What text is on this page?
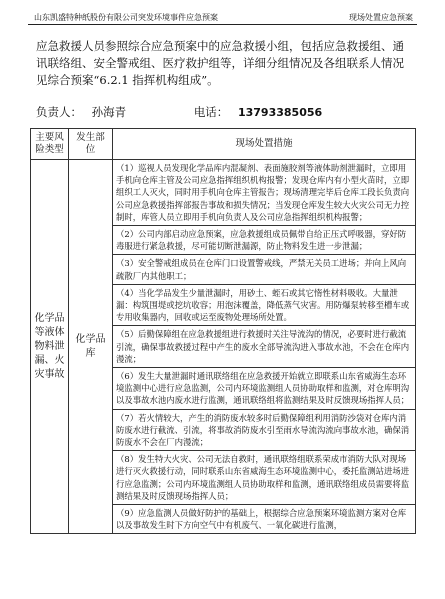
山东凯盛特种纸股份有限公司突发环境事件应急预案	现场处置应急预案
应急救援人员参照综合应急预案中的应急救援小组，包括应急救援组、通讯联络组、安全警戒组、医疗救护组等，详细分组情况及各组联系人情况见综合预案“6.2.1 指挥机构组成”。
负责人： 孙海青	电话： 13793385056
主要风险类型	发生部位	现场处置措施
化学品等液体物料泄漏、火灾事故	化学品库	（1）巡视人员发现化学品库内混凝剂、表面施胶剂等液体助剂泄漏时，立即用手机向仓库主管及公司应急指挥组织机构报警；发现仓库内有小型火苗时，立即组织工人灭火，同时用手机向仓库主管报告；现场清理完毕后仓库工段长负责向公司应急救援指挥部报告事故和损失情况；当发现仓库发生较大火灾公司无力控制时，库管人员立即用手机向负责人及公司应急指挥组织机构报警；
		（2）公司内部启动应急预案，应急救援组成员佩带自给正压式呼吸器，穿好防毒服进行紧急救援，尽可能切断泄漏源，防止物料发生进一步泄漏；
		（3）安全警戒组成员在仓库门口设置警戒线，严禁无关员工进场；并向上风向疏散厂内其他职工；
		（4）当化学品发生少量泄漏时，用砂土、蛭石或其它惰性材料吸收。大量泄漏：构筑围堤或挖坑收容；用泡沫覆盖，降低蒸气灾害。用防爆泵转移至槽车或专用收集器内，回收或运至废物处理场所处置。
		（5）后勤保障组在应急救援组进行救援时关注导流沟的情况，必要时进行截流引流，确保事故救援过程中产生的废水全部导流沟进入事故水池，不会在仓库内漫流；
		（6）发生大量泄漏时通讯联络组在应急救援开始就立即联系山东省威海生态环境监测中心进行应急监测，公司内环境监测组人员协助取样和监测，对仓库明沟以及事故水池内废水进行监测，通讯联络组将监测结果及时反馈现场指挥人员；
		（7）若火情较大，产生的消防废水较多时后勤保障组利用消防沙袋对仓库内消防废水进行截流、引流，将事故消防废水引至雨水导流沟流向事故水池，确保消防废水不会在厂内漫流；
		（8）发生特大火灾、公司无法自救时，通讯联络组联系荣成市消防大队对现场进行灭火救援行动，同时联系山东省威海生态环境监测中心，委托监测站进场进行应急监测；公司内环境监测组人员协助取样和监测，通讯联络组成员需要将监测结果及时反馈现场指挥人员；
		（9）应急监测人员做好防护的基础上，根据综合应急预案环境监测方案对仓库以及事故发生时下方向空气中有机废气、一氧化碳进行监测，
